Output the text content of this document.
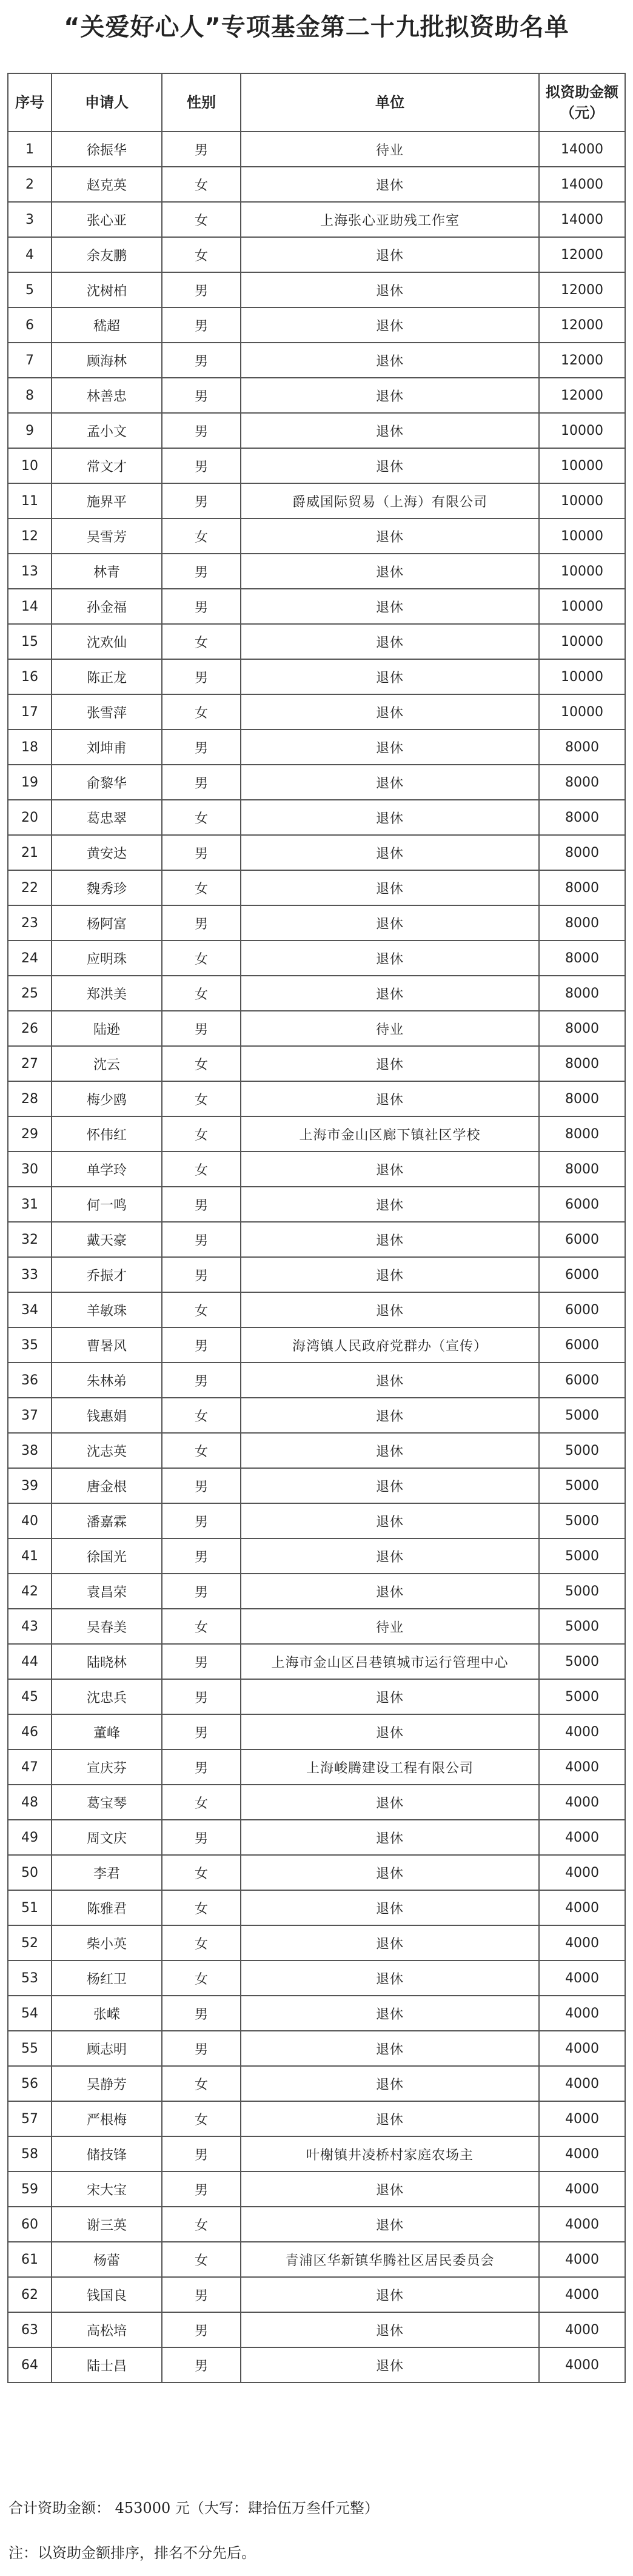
“关爱好心人”专项基金第二十九批拟资助名单
序号	申请人	性别	单位	拟资助金额（元）
1	徐振华	男	待业	14000
2	赵克英	女	退休	14000
3	张心亚	女	上海张心亚助残工作室	14000
4	余友鹏	女	退休	12000
5	沈树柏	男	退休	12000
6	嵇超	男	退休	12000
7	顾海林	男	退休	12000
8	林善忠	男	退休	12000
9	孟小文	男	退休	10000
10	常文才	男	退休	10000
11	施界平	男	爵威国际贸易（上海）有限公司	10000
12	吴雪芳	女	退休	10000
13	林青	男	退休	10000
14	孙金福	男	退休	10000
15	沈欢仙	女	退休	10000
16	陈正龙	男	退休	10000
17	张雪萍	女	退休	10000
18	刘坤甫	男	退休	8000
19	俞黎华	男	退休	8000
20	葛忠翠	女	退休	8000
21	黄安达	男	退休	8000
22	魏秀珍	女	退休	8000
23	杨阿富	男	退休	8000
24	应明珠	女	退休	8000
25	郑洪美	女	退休	8000
26	陆逊	男	待业	8000
27	沈云	女	退休	8000
28	梅少鸥	女	退休	8000
29	怀伟红	女	上海市金山区廊下镇社区学校	8000
30	单学玲	女	退休	8000
31	何一鸣	男	退休	6000
32	戴天豪	男	退休	6000
33	乔振才	男	退休	6000
34	羊敏珠	女	退休	6000
35	曹暑风	男	海湾镇人民政府党群办（宣传）	6000
36	朱林弟	男	退休	6000
37	钱惠娟	女	退休	5000
38	沈志英	女	退休	5000
39	唐金根	男	退休	5000
40	潘嘉霖	男	退休	5000
41	徐国光	男	退休	5000
42	袁昌荣	男	退休	5000
43	吴春美	女	待业	5000
44	陆晓林	男	上海市金山区吕巷镇城市运行管理中心	5000
45	沈忠兵	男	退休	5000
46	董峰	男	退休	4000
47	宣庆芬	男	上海峻腾建设工程有限公司	4000
48	葛宝琴	女	退休	4000
49	周文庆	男	退休	4000
50	李君	女	退休	4000
51	陈雅君	女	退休	4000
52	柴小英	女	退休	4000
53	杨红卫	女	退休	4000
54	张嵘	男	退休	4000
55	顾志明	男	退休	4000
56	吴静芳	女	退休	4000
57	严根梅	女	退休	4000
58	储技锋	男	叶榭镇井凌桥村家庭农场主	4000
59	宋大宝	男	退休	4000
60	谢三英	女	退休	4000
61	杨蕾	女	青浦区华新镇华腾社区居民委员会	4000
62	钱国良	男	退休	4000
63	高松培	男	退休	4000
64	陆士昌	男	退休	4000
合计资助金额： 453000 元（大写：肆拾伍万叁仟元整）
注：以资助金额排序，排名不分先后。
